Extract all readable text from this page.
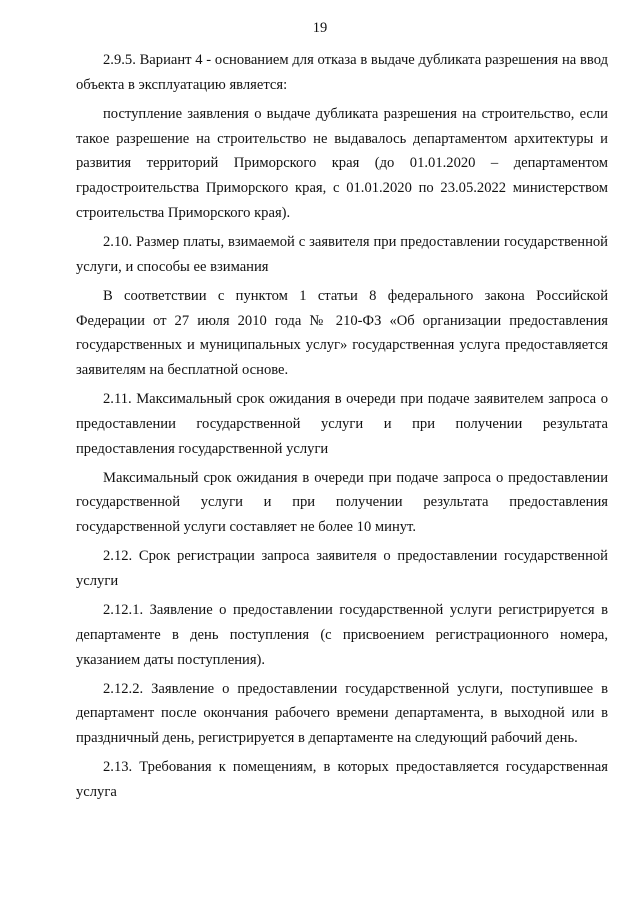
19

2.9.5. Вариант 4 - основанием для отказа в выдаче дубликата разрешения на ввод объекта в эксплуатацию является:

поступление заявления о выдаче дубликата разрешения на строительство, если такое разрешение на строительство не выдавалось департаментом архитектуры и развития территорий Приморского края (до 01.01.2020 – департаментом градостроительства Приморского края, с 01.01.2020 по 23.05.2022 министерством строительства Приморского края).

2.10. Размер платы, взимаемой с заявителя при предоставлении государственной услуги, и способы ее взимания

В соответствии с пунктом 1 статьи 8 федерального закона Российской Федерации от 27 июля 2010 года № 210-ФЗ «Об организации предоставления государственных и муниципальных услуг» государственная услуга предоставляется заявителям на бесплатной основе.

2.11. Максимальный срок ожидания в очереди при подаче заявителем запроса о предоставлении государственной услуги и при получении результата предоставления государственной услуги

Максимальный срок ожидания в очереди при подаче запроса о предоставлении государственной услуги и при получении результата предоставления государственной услуги составляет не более 10 минут.

2.12. Срок регистрации запроса заявителя о предоставлении государственной услуги

2.12.1. Заявление о предоставлении государственной услуги регистрируется в департаменте в день поступления (с присвоением регистрационного номера, указанием даты поступления).

2.12.2. Заявление о предоставлении государственной услуги, поступившее в департамент после окончания рабочего времени департамента, в выходной или в праздничный день, регистрируется в департаменте на следующий рабочий день.

2.13. Требования к помещениям, в которых предоставляется государственная услуга
